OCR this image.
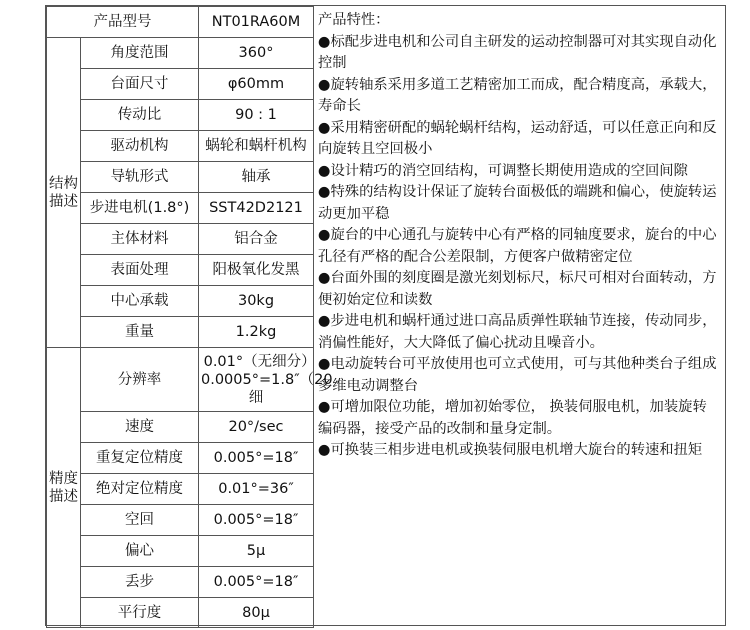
产品型号		NT01RA60M
结构描述	角度范围	360°
	台面尺寸	φ60mm
	传动比	90 : 1
	驱动机构	蜗轮和蜗杆机构
	导轨形式	轴承
	步进电机(1.8°)	SST42D2121
	主体材料	铝合金
	表面处理	阳极氧化发黑
	中心承载	30kg
	重量	1.2kg
精度描述	分辨率	0.01°（无细分）0.0005°=1.8″（20细
	速度	20°/sec
	重复定位精度	0.005°=18″
	绝对定位精度	0.01°=36″
	空回	0.005°=18″
	偏心	5μ
	丢步	0.005°=18″
	平行度	80μ

产品特性：

●标配步进电机和公司自主研发的运动控制器可对其实现自动化控制

●旋转轴系采用多道工艺精密加工而成，配合精度高，承载大，寿命长

●采用精密研配的蜗轮蜗杆结构，运动舒适，可以任意正向和反向旋转且空回极小

●设计精巧的消空回结构，可调整长期使用造成的空回间隙

●特殊的结构设计保证了旋转台面极低的端跳和偏心，使旋转运动更加平稳

●旋台的中心通孔与旋转中心有严格的同轴度要求，旋台的中心孔径有严格的配合公差限制，方便客户做精密定位

●台面外围的刻度圈是激光刻划标尺，标尺可相对台面转动，方便初始定位和读数

●步进电机和蜗杆通过进口高品质弹性联轴节连接，传动同步，消偏性能好，大大降低了偏心扰动且噪音小。

●电动旋转台可平放使用也可立式使用，可与其他种类台子组成多维电动调整台

●可增加限位功能，增加初始零位， 换装伺服电机，加装旋转编码器，接受产品的改制和量身定制。

●可换装三相步进电机或换装伺服电机增大旋台的转速和扭矩
